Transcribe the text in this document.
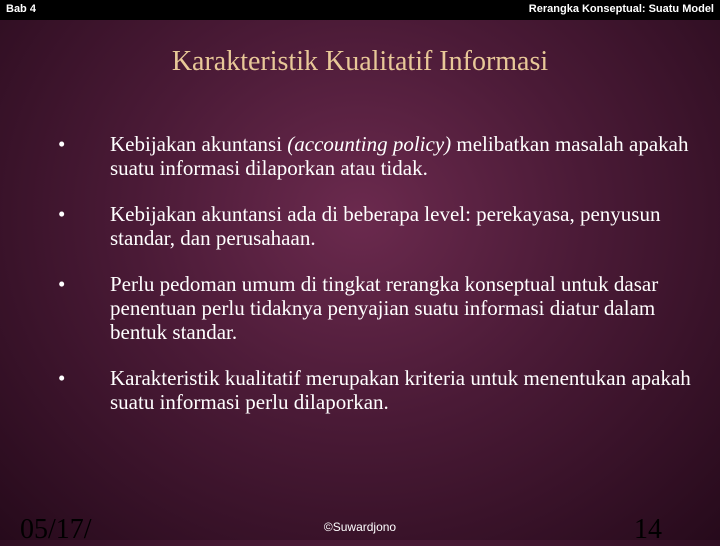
Bab 4	Rerangka Konseptual: Suatu Model
Karakteristik Kualitatif Informasi
• Kebijakan akuntansi (accounting policy) melibatkan masalah apakah suatu informasi dilaporkan atau tidak.
• Kebijakan akuntansi ada di beberapa level: perekayasa, penyusun standar, dan perusahaan.
• Perlu pedoman umum di tingkat rerangka konseptual untuk dasar penentuan perlu tidaknya penyajian suatu informasi diatur dalam bentuk standar.
• Karakteristik kualitatif merupakan kriteria untuk menentukan apakah suatu informasi perlu dilaporkan.
05/17/	©Suwardjono	14
